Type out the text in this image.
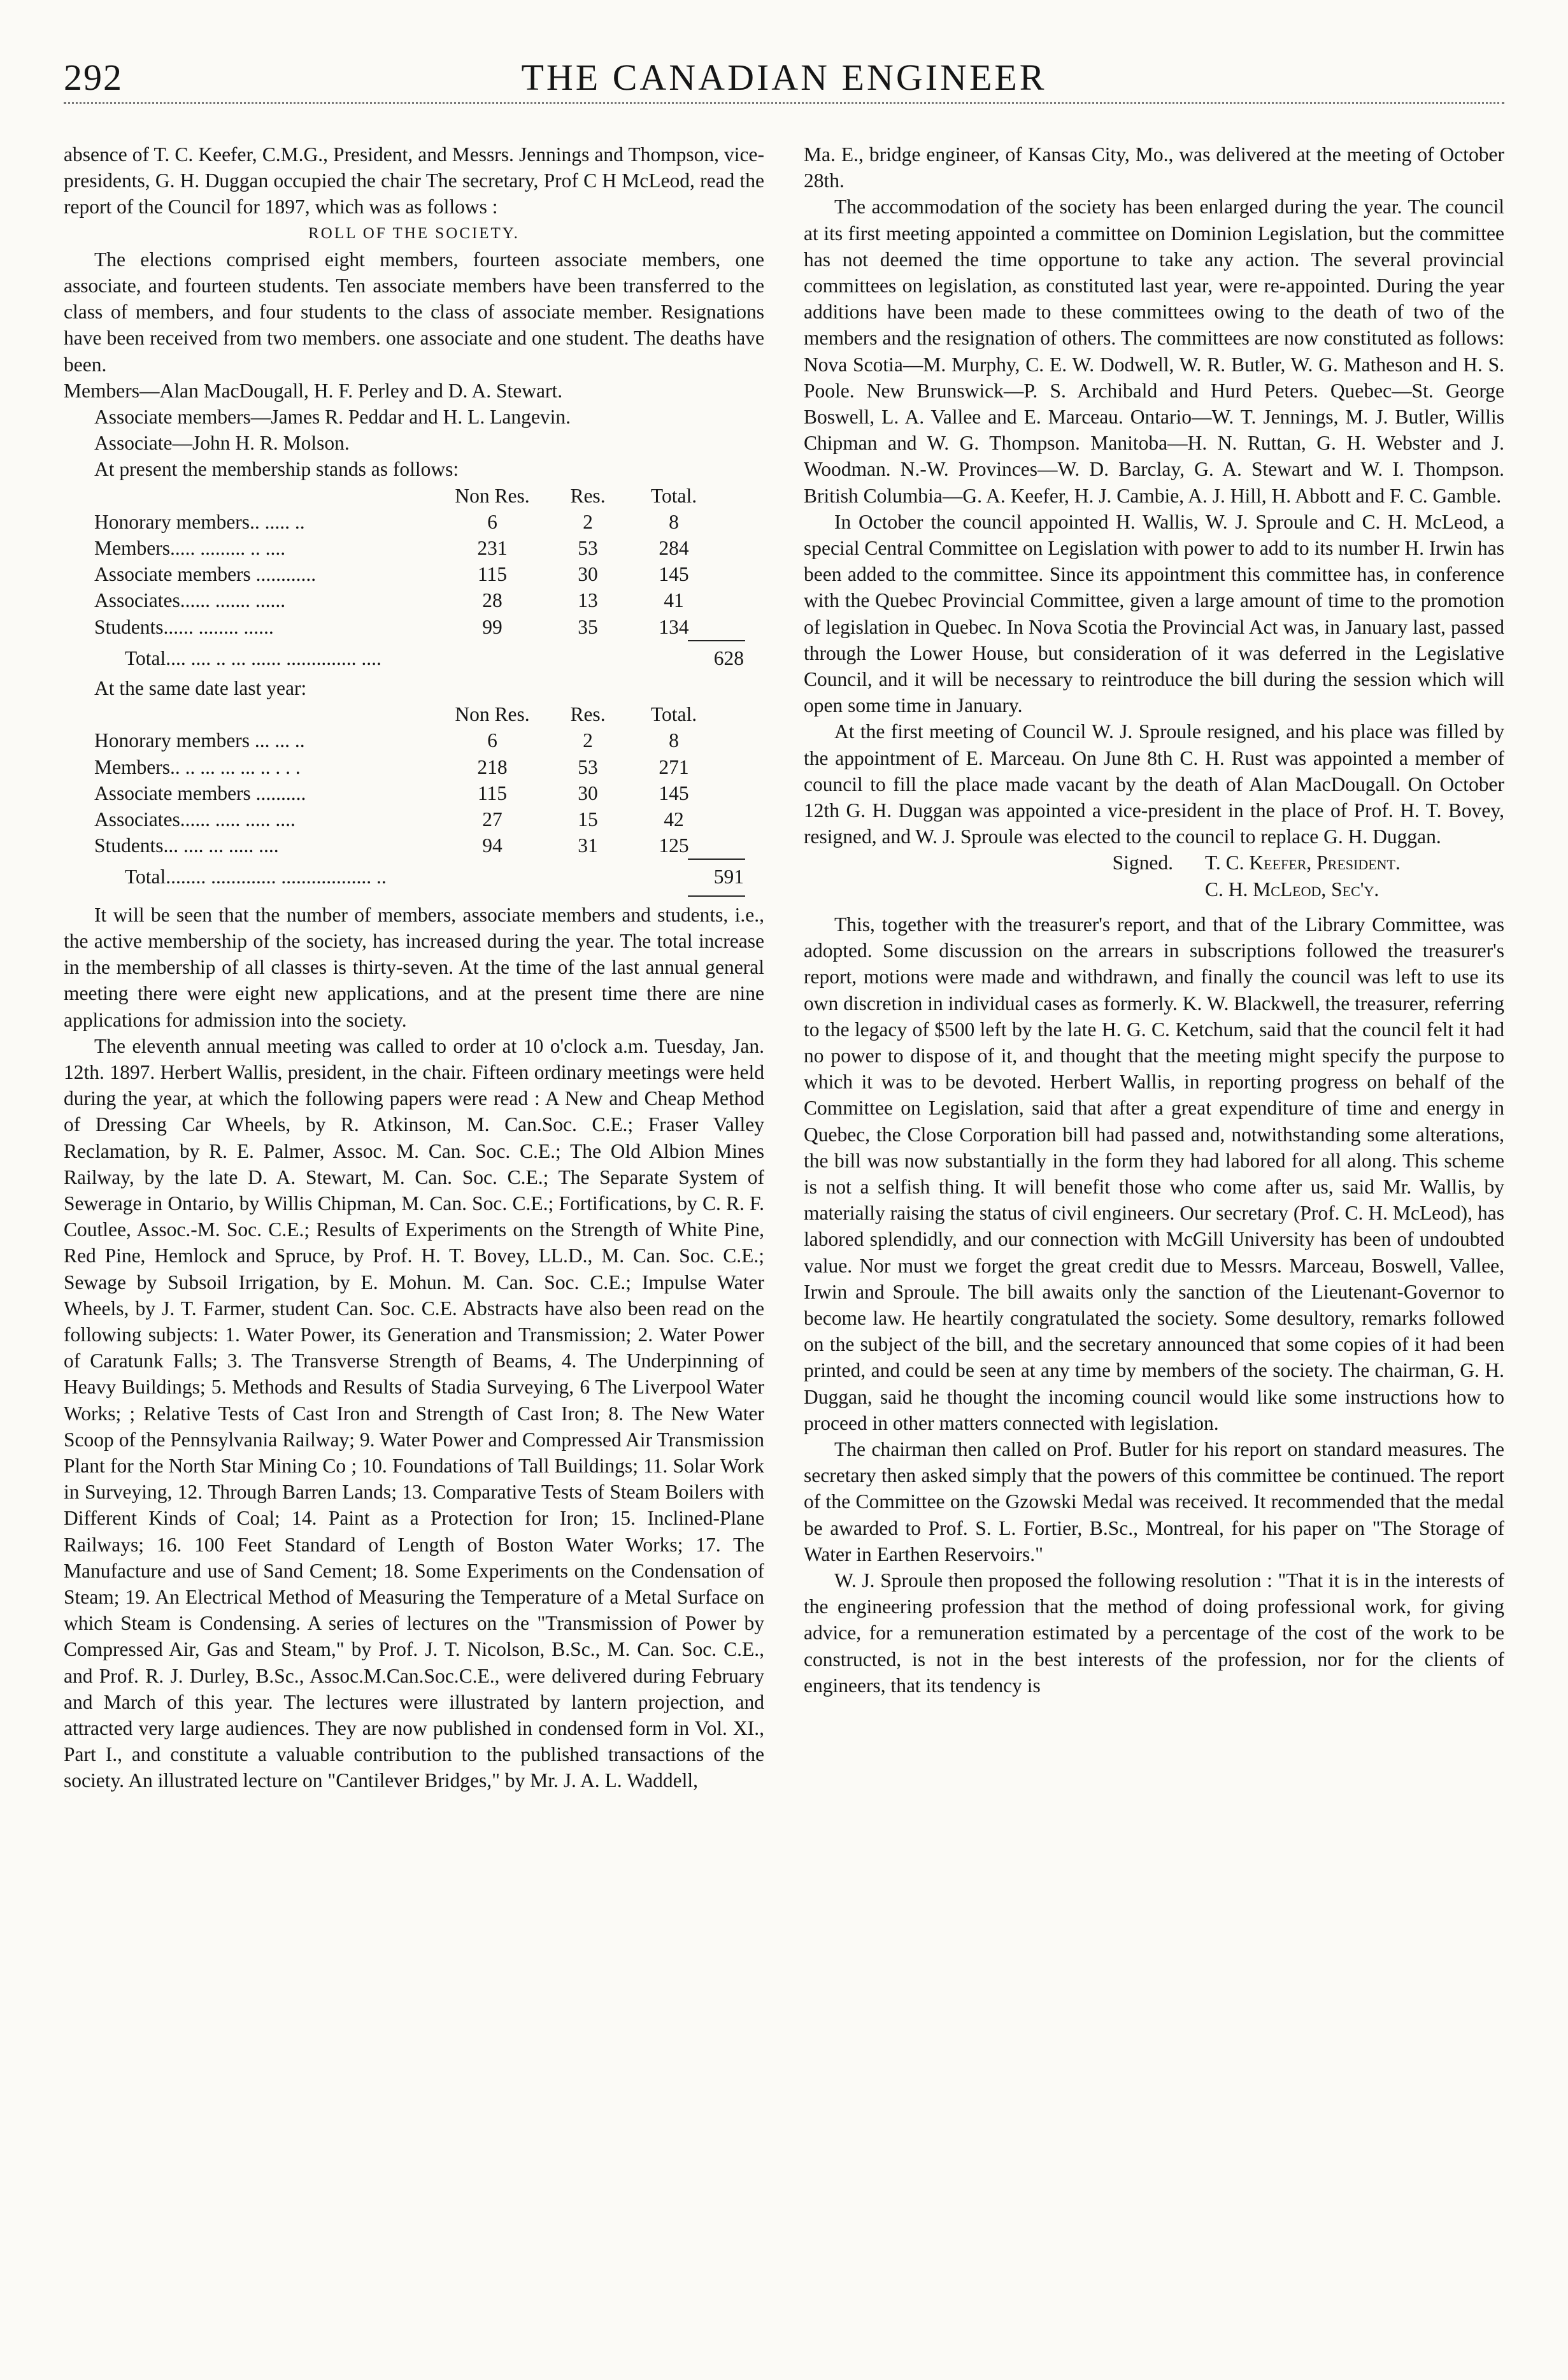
292	THE CANADIAN ENGINEER

absence of T. C. Keefer, C.M.G., President, and Messrs. Jennings and Thompson, vice-presidents, G. H. Duggan occupied the chair The secretary, Prof C H McLeod, read the report of the Council for 1897, which was as follows :

ROLL OF THE SOCIETY.

The elections comprised eight members, fourteen associate members, one associate, and fourteen students. Ten associate members have been transferred to the class of members, and four students to the class of associate member. Resignations have been received from two members. one associate and one student. The deaths have been.

Members—Alan MacDougall, H. F. Perley and D. A. Stewart.

Associate members—James R. Peddar and H. L. Langevin.

Associate—John H. R. Molson.

At present the membership stands as follows:

	Non Res.	Res.	Total.
Honorary members.. ..... ..	6	2	8
Members..... ......... .. ....	231	53	284
Associate members ............	115	30	145
Associates...... ....... ......	28	13	41
Students...... ........ ......	99	35	134
Total.... .... .. ... ...... .............. ....	628

At the same date last year:

	Non Res.	Res.	Total.
Honorary members ... ... ..	6	2	8
Members.. .. ... ... ... .. . . .	218	53	271
Associate members ..........	115	30	145
Associates...... ..... ..... ....	27	15	42
Students... .... ... ..... ....	94	31	125
Total........ ............. .................. ..	591

It will be seen that the number of members, associate members and students, i.e., the active membership of the society, has increased during the year. The total increase in the membership of all classes is thirty-seven. At the time of the last annual general meeting there were eight new applications, and at the present time there are nine applications for admission into the society.

The eleventh annual meeting was called to order at 10 o'clock a.m. Tuesday, Jan. 12th. 1897. Herbert Wallis, president, in the chair. Fifteen ordinary meetings were held during the year, at which the following papers were read : A New and Cheap Method of Dressing Car Wheels, by R. Atkinson, M. Can.Soc. C.E.; Fraser Valley Reclamation, by R. E. Palmer, Assoc. M. Can. Soc. C.E.; The Old Albion Mines Railway, by the late D. A. Stewart, M. Can. Soc. C.E.; The Separate System of Sewerage in Ontario, by Willis Chipman, M. Can. Soc. C.E.; Fortifications, by C. R. F. Coutlee, Assoc.-M. Soc. C.E.; Results of Experiments on the Strength of White Pine, Red Pine, Hemlock and Spruce, by Prof. H. T. Bovey, LL.D., M. Can. Soc. C.E.; Sewage by Subsoil Irrigation, by E. Mohun. M. Can. Soc. C.E.; Impulse Water Wheels, by J. T. Farmer, student Can. Soc. C.E. Abstracts have also been read on the following subjects: 1. Water Power, its Generation and Transmission; 2. Water Power of Caratunk Falls; 3. The Transverse Strength of Beams, 4. The Underpinning of Heavy Buildings; 5. Methods and Results of Stadia Surveying, 6 The Liverpool Water Works; ; Relative Tests of Cast Iron and Strength of Cast Iron; 8. The New Water Scoop of the Pennsylvania Railway; 9. Water Power and Compressed Air Transmission Plant for the North Star Mining Co ; 10. Foundations of Tall Buildings; 11. Solar Work in Surveying, 12. Through Barren Lands; 13. Comparative Tests of Steam Boilers with Different Kinds of Coal; 14. Paint as a Protection for Iron; 15. Inclined-Plane Railways; 16. 100 Feet Standard of Length of Boston Water Works; 17. The Manufacture and use of Sand Cement; 18. Some Experiments on the Condensation of Steam; 19. An Electrical Method of Measuring the Temperature of a Metal Surface on which Steam is Condensing. A series of lectures on the "Transmission of Power by Compressed Air, Gas and Steam," by Prof. J. T. Nicolson, B.Sc., M. Can. Soc. C.E., and Prof. R. J. Durley, B.Sc., Assoc.M.Can.Soc.C.E., were delivered during February and March of this year. The lectures were illustrated by lantern projection, and attracted very large audiences. They are now published in condensed form in Vol. XI., Part I., and constitute a valuable contribution to the published transactions of the society. An illustrated lecture on "Cantilever Bridges," by Mr. J. A. L. Waddell,

Ma. E., bridge engineer, of Kansas City, Mo., was delivered at the meeting of October 28th.

The accommodation of the society has been enlarged during the year. The council at its first meeting appointed a committee on Dominion Legislation, but the committee has not deemed the time opportune to take any action. The several provincial committees on legislation, as constituted last year, were re-appointed. During the year additions have been made to these committees owing to the death of two of the members and the resignation of others. The committees are now constituted as follows: Nova Scotia—M. Murphy, C. E. W. Dodwell, W. R. Butler, W. G. Matheson and H. S. Poole. New Brunswick—P. S. Archibald and Hurd Peters. Quebec—St. George Boswell, L. A. Vallee and E. Marceau. Ontario—W. T. Jennings, M. J. Butler, Willis Chipman and W. G. Thompson. Manitoba—H. N. Ruttan, G. H. Webster and J. Woodman. N.-W. Provinces—W. D. Barclay, G. A. Stewart and W. I. Thompson. British Columbia—G. A. Keefer, H. J. Cambie, A. J. Hill, H. Abbott and F. C. Gamble.

In October the council appointed H. Wallis, W. J. Sproule and C. H. McLeod, a special Central Committee on Legislation with power to add to its number H. Irwin has been added to the committee. Since its appointment this committee has, in conference with the Quebec Provincial Committee, given a large amount of time to the promotion of legislation in Quebec. In Nova Scotia the Provincial Act was, in January last, passed through the Lower House, but consideration of it was deferred in the Legislative Council, and it will be necessary to reintroduce the bill during the session which will open some time in January.

At the first meeting of Council W. J. Sproule resigned, and his place was filled by the appointment of E. Marceau. On June 8th C. H. Rust was appointed a member of council to fill the place made vacant by the death of Alan MacDougall. On October 12th G. H. Duggan was appointed a vice-president in the place of Prof. H. T. Bovey, resigned, and W. J. Sproule was elected to the council to replace G. H. Duggan.

Signed.	T. C. Keefer, President.
C. H. McLeod, Sec'y.

This, together with the treasurer's report, and that of the Library Committee, was adopted. Some discussion on the arrears in subscriptions followed the treasurer's report, motions were made and withdrawn, and finally the council was left to use its own discretion in individual cases as formerly. K. W. Blackwell, the treasurer, referring to the legacy of $500 left by the late H. G. C. Ketchum, said that the council felt it had no power to dispose of it, and thought that the meeting might specify the purpose to which it was to be devoted. Herbert Wallis, in reporting progress on behalf of the Committee on Legislation, said that after a great expenditure of time and energy in Quebec, the Close Corporation bill had passed and, notwithstanding some alterations, the bill was now substantially in the form they had labored for all along. This scheme is not a selfish thing. It will benefit those who come after us, said Mr. Wallis, by materially raising the status of civil engineers. Our secretary (Prof. C. H. McLeod), has labored splendidly, and our connection with McGill University has been of undoubted value. Nor must we forget the great credit due to Messrs. Marceau, Boswell, Vallee, Irwin and Sproule. The bill awaits only the sanction of the Lieutenant-Governor to become law. He heartily congratulated the society. Some desultory, remarks followed on the subject of the bill, and the secretary announced that some copies of it had been printed, and could be seen at any time by members of the society. The chairman, G. H. Duggan, said he thought the incoming council would like some instructions how to proceed in other matters connected with legislation.

The chairman then called on Prof. Butler for his report on standard measures. The secretary then asked simply that the powers of this committee be continued. The report of the Committee on the Gzowski Medal was received. It recommended that the medal be awarded to Prof. S. L. Fortier, B.Sc., Montreal, for his paper on "The Storage of Water in Earthen Reservoirs."

W. J. Sproule then proposed the following resolution : "That it is in the interests of the engineering profession that the method of doing professional work, for giving advice, for a remuneration estimated by a percentage of the cost of the work to be constructed, is not in the best interests of the profession, nor for the clients of engineers, that its tendency is
